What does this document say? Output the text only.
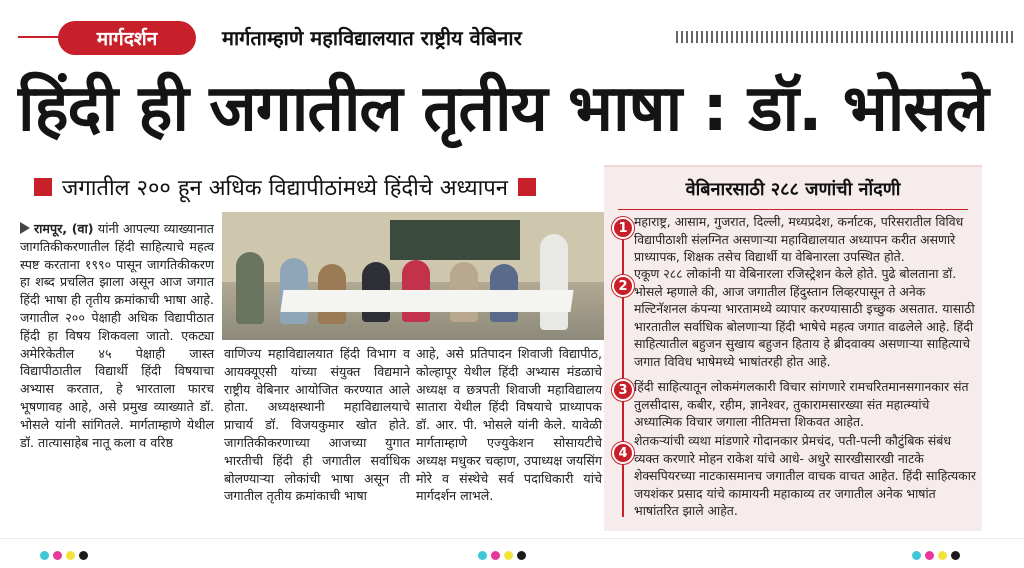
मार्गदर्शन	मार्गताम्हाणे महाविद्यालयात राष्ट्रीय वेबिनार
हिंदी ही जगातील तृतीय भाषा : डॉ. भोसले
जगातील २०० हून अधिक विद्यापीठांमध्ये हिंदीचे अध्यापन
रामपूर, (वा) यांनी आपल्या व्याख्यानात जागतिकीकरणातील हिंदी साहित्याचे महत्व स्पष्ट करताना १९९० पासून जागतिकीकरण हा शब्द प्रचलित झाला असून आज जगात हिंदी भाषा ही तृतीय क्रमांकाची भाषा आहे. जगातील २०० पेक्षाही अधिक विद्यापीठात हिंदी हा विषय शिकवला जातो. एकट्या अमेरिकेतील ४५ पेक्षाही जास्त विद्यापीठातील विद्यार्थी हिंदी विषयाचा अभ्यास करतात, हे भारताला फारच भूषणावह आहे, असे प्रमुख व्याख्याते डॉ. भोसले यांनी सांगितले. मार्गताम्हाणे येथील डॉ. तात्यासाहेब नातू कला व वरिष्ठ
वाणिज्य महाविद्यालयात हिंदी विभाग व आयक्यूएसी यांच्या संयुक्त विद्यमाने राष्ट्रीय वेबिनार आयोजित करण्यात आले होता. अध्यक्षस्थानी महाविद्यालयाचे प्राचार्य डॉ. विजयकुमार खोत होते. जागतिकीकरणाच्या आजच्या युगात भारतीची हिंदी ही जगातील सर्वाधिक बोलण्याऱ्या लोकांची भाषा असून ती जगातील तृतीय क्रमांकाची भाषा
आहे, असे प्रतिपादन शिवाजी विद्यापीठ, कोल्हापूर येथील हिंदी अभ्यास मंडळाचे अध्यक्ष व छत्रपती शिवाजी महाविद्यालय सातारा येथील हिंदी विषयाचे प्राध्यापक डॉ. आर. पी. भोसले यांनी केले. यावेळी मार्गताम्हाणे एज्युकेशन सोसायटीचे अध्यक्ष मधुकर चव्हाण, उपाध्यक्ष जयसिंग मोरे व संस्थेचे सर्व पदाधिकारी यांचे मार्गदर्शन लाभले.
वेबिनारसाठी २८८ जणांची नोंदणी
1 महाराष्ट्र, आसाम, गुजरात, दिल्ली, मध्यप्रदेश, कर्नाटक, परिसरातील विविध विद्यापीठाशी संलग्नित असणाऱ्या महाविद्यालयात अध्यापन करीत असणारे प्राध्यापक, शिक्षक तसेच विद्यार्थी या वेबिनारला उपस्थित होते.
2
एकूण २८८ लोकांनी या वेबिनारला रजिस्ट्रेशन केले होते. पुढे बोलताना डॉ. भोसले म्हणाले की, आज जगातील हिंदुस्तान लिव्हरपासून ते अनेक मल्टिनॅशनल कंपन्या भारतामध्ये व्यापार करण्यासाठी इच्छुक असतात. यासाठी भारतातील सर्वाधिक बोलणाऱ्या हिंदी भाषेचे महत्व जगात वाढलेले आहे. हिंदी साहित्यातील बहुजन सुखाय बहुजन हिताय हे ब्रीदवाक्य असणाऱ्या साहित्याचे जगात विविध भाषेमध्ये भाषांतरही होत आहे.
3 हिंदी साहित्यातून लोकमंगलकारी विचार सांगणारे रामचरितमानसगानकार संत तुलसीदास, कबीर, रहीम, ज्ञानेश्वर, तुकारामसारख्या संत महात्म्यांचे अध्यात्मिक विचार जगाला नीतिमत्ता शिकवत आहेत.
4
शेतकऱ्यांची व्यथा मांडणारे गोदानकार प्रेमचंद, पती-पत्नी कौटुंबिक संबंध व्यक्त करणारे मोहन राकेश यांचे आधे- अधुरे सारखीसारखी नाटके शेक्सपियरच्या नाटकासमानच जगातील वाचक वाचत आहेत. हिंदी साहित्यकार जयशंकर प्रसाद यांचे कामायनी महाकाव्य तर जगातील अनेक भाषांत भाषांतरित झाले आहेत.
